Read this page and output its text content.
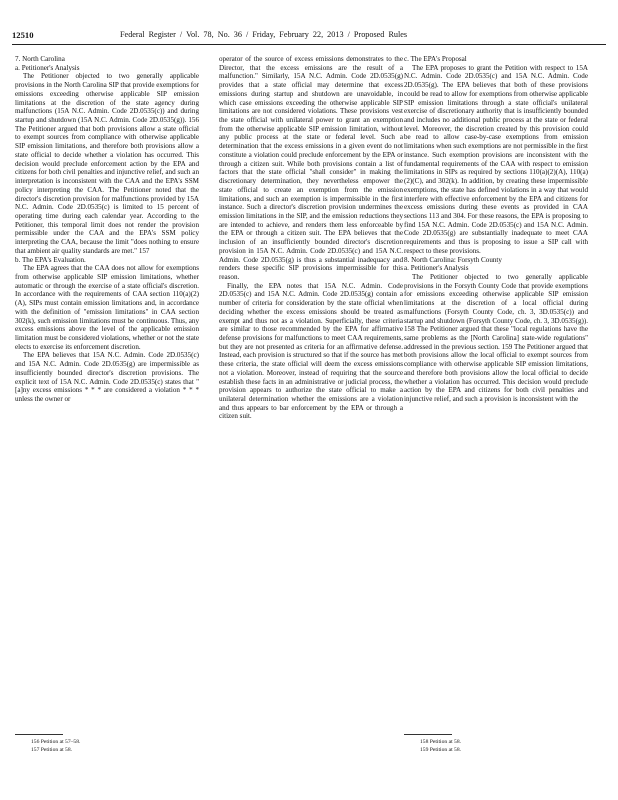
12510	Federal Register / Vol. 78, No. 36 / Friday, February 22, 2013 / Proposed Rules

7. North Carolina

a. Petitioner's Analysis

The Petitioner objected to two generally applicable provisions in the North Carolina SIP that provide exemptions for emissions exceeding otherwise applicable SIP emission limitations at the discretion of the state agency during malfunctions (15A N.C. Admin. Code 2D.0535(c)) and during startup and shutdown (15A N.C. Admin. Code 2D.0535(g)). 156 The Petitioner argued that both provisions allow a state official to exempt sources from compliance with otherwise applicable SIP emission limitations, and therefore both provisions allow a state official to decide whether a violation has occurred. This decision would preclude enforcement action by the EPA and citizens for both civil penalties and injunctive relief, and such an interpretation is inconsistent with the CAA and the EPA's SSM policy interpreting the CAA. The Petitioner noted that the director's discretion provision for malfunctions provided by 15A N.C. Admin. Code 2D.0535(c) is limited to 15 percent of operating time during each calendar year. According to the Petitioner, this temporal limit does not render the provision permissible under the CAA and the EPA's SSM policy interpreting the CAA, because the limit "does nothing to ensure that ambient air quality standards are met." 157

b. The EPA's Evaluation.

The EPA agrees that the CAA does not allow for exemptions from otherwise applicable SIP emission limitations, whether automatic or through the exercise of a state official's discretion. In accordance with the requirements of CAA section 110(a)(2)(A), SIPs must contain emission limitations and, in accordance with the definition of "emission limitations" in CAA section 302(k), such emission limitations must be continuous. Thus, any excess emissions above the level of the applicable emission limitation must be considered violations, whether or not the state elects to exercise its enforcement discretion.

The EPA believes that 15A N.C. Admin. Code 2D.0535(c) and 15A N.C. Admin. Code 2D.0535(g) are impermissible as insufficiently bounded director's discretion provisions. The explicit text of 15A N.C. Admin. Code 2D.0535(c) states that "[a]ny excess emissions * * * are considered a violation * * * unless the owner or

operator of the source of excess emissions demonstrates to the Director, that the excess emissions are the result of a malfunction." Similarly, 15A N.C. Admin. Code 2D.0535(g) provides that a state official may determine that excess emissions during startup and shutdown are unavoidable, in which case emissions exceeding the otherwise applicable SIP limitations are not considered violations. These provisions vest the state official with unilateral power to grant an exemption from the otherwise applicable SIP emission limitation, without any public process at the state or federal level. Such a determination that the excess emissions in a given event do not constitute a violation could preclude enforcement by the EPA or through a citizen suit. While both provisions contain a list of factors that the state official "shall consider" in making the discretionary determination, they nevertheless empower the state official to create an exemption from the emission limitations, and such an exemption is impermissible in the first instance. Such a director's discretion provision undermines the emission limitations in the SIP, and the emission reductions they are intended to achieve, and renders them less enforceable by the EPA or through a citizen suit. The EPA believes that the inclusion of an insufficiently bounded director's discretion provision in 15A N.C. Admin. Code 2D.0535(c) and 15A N.C. Admin. Code 2D.0535(g) is thus a substantial inadequacy and renders these specific SIP provisions impermissible for this reason.

Finally, the EPA notes that 15A N.C. Admin. Code 2D.0535(c) and 15A N.C. Admin. Code 2D.0535(g) contain a number of criteria for consideration by the state official when deciding whether the excess emissions should be treated as exempt and thus not as a violation. Superficially, these criteria are similar to those recommended by the EPA for affirmative defense provisions for malfunctions to meet CAA requirements, but they are not presented as criteria for an affirmative defense. Instead, each provision is structured so that if the source has met these criteria, the state official will deem the excess emissions not a violation. Moreover, instead of requiring that the source establish these facts in an administrative or judicial process, the provision appears to authorize the state official to make a unilateral determination whether the emissions are a violation and thus appears to bar enforcement by the EPA or through a citizen suit.

c. The EPA's Proposal

The EPA proposes to grant the Petition with respect to 15A N.C. Admin. Code 2D.0535(c) and 15A N.C. Admin. Code 2D.0535(g). The EPA believes that both of these provisions could be read to allow for exemptions from otherwise applicable SIP emission limitations through a state official's unilateral exercise of discretionary authority that is insufficiently bounded and includes no additional public process at the state or federal level. Moreover, the discretion created by this provision could be read to allow case-by-case exemptions from emission limitations when such exemptions are not permissible in the first instance. Such exemption provisions are inconsistent with the fundamental requirements of the CAA with respect to emission limitations in SIPs as required by sections 110(a)(2)(A), 110(a)(2)(C), and 302(k). In addition, by creating these impermissible exemptions, the state has defined violations in a way that would interfere with effective enforcement by the EPA and citizens for excess emissions during these events as provided in CAA sections 113 and 304. For these reasons, the EPA is proposing to find 15A N.C. Admin. Code 2D.0535(c) and 15A N.C. Admin. Code 2D.0535(g) are substantially inadequate to meet CAA requirements and thus is proposing to issue a SIP call with respect to these provisions.

8. North Carolina: Forsyth County

a. Petitioner's Analysis

The Petitioner objected to two generally applicable provisions in the Forsyth County Code that provide exemptions for emissions exceeding otherwise applicable SIP emission limitations at the discretion of a local official during malfunctions (Forsyth County Code, ch. 3, 3D.0535(c)) and startup and shutdown (Forsyth County Code, ch. 3, 3D.0535(g)). 158 The Petitioner argued that these "local regulations have the same problems as the [North Carolina] state-wide regulations" addressed in the previous section. 159 The Petitioner argued that both provisions allow the local official to exempt sources from compliance with otherwise applicable SIP emission limitations, and therefore both provisions allow the local official to decide whether a violation has occurred. This decision would preclude action by the EPA and citizens for both civil penalties and injunctive relief, and such a provision is inconsistent with the

156 Petition at 57–58.
157 Petition at 58.
158 Petition at 58.
159 Petition at 58.
